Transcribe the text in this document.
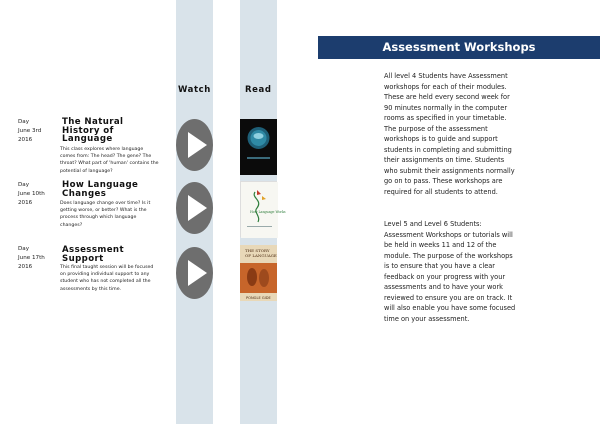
Watch	Read
Day
June 3rd
2016
The Natural History of Language
This class explores where language comes from: The head? The gene? The throat? What part of 'human' contains the potential of language?
Day
June 10th
2016
How Language Changes
Does language change over time? Is it getting worse, or better? What is the process through which language changes?
Day
June 17th
2016
Assessment Support
This final taught session will be focused on providing individual support to any student who has not completed all the assessments by this time.
How Language Works
THE STORY
OF LANGUAGE
PONGLE GIDE
Assessment Workshops
All level 4 Students have Assessment workshops for each of their modules. These are held every second week for 90 minutes normally in the computer rooms as specified in your timetable. The purpose of the assessment workshops is to guide and support students in completing and submitting their assignments on time. Students who submit their assignments normally go on to pass. These workshops are required for all students to attend.
Level 5 and Level 6 Students: Assessment Workshops or tutorials will be held in weeks 11 and 12 of the module. The purpose of the workshops is to ensure that you have a clear feedback on your progress with your assessments and to have your work reviewed to ensure you are on track. It will also enable you have some focused time on your assessment.
